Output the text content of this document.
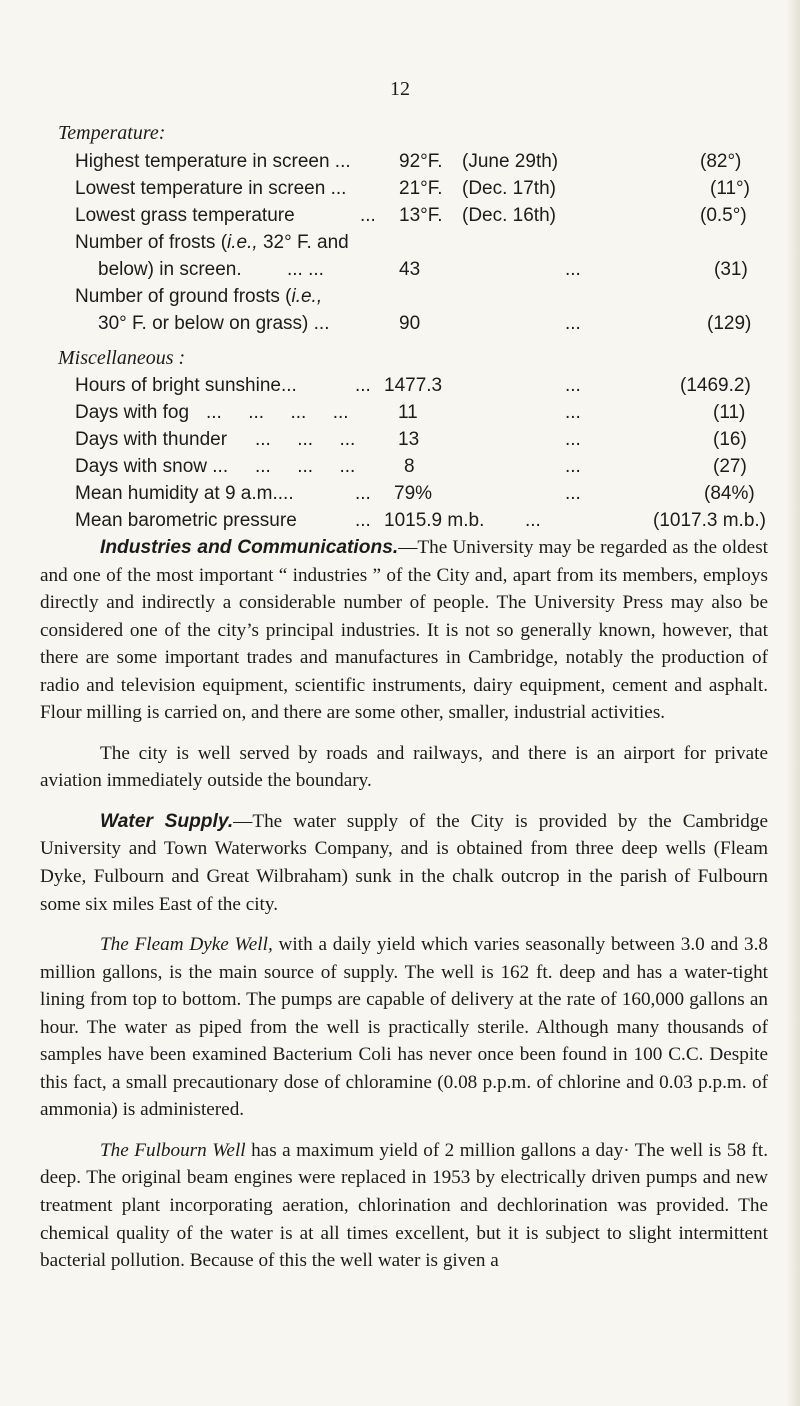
12
Temperature:
Highest temperature in screen ...	92°F. (June 29th)	(82°)
Lowest temperature in screen ...	21°F. (Dec. 17th)	(11°)
Lowest grass temperature	... 13°F. (Dec. 16th)	(0.5°)
Number of frosts (i.e., 32° F. and
below) in screen. ... ...	43	...	(31)
Number of ground frosts (i.e.,
30° F. or below on grass) ...	90	...	(129)
Miscellaneous :
Hours of bright sunshine...	... 1477.3	...	(1469.2)
Days with fog ...     ...     ...     ...	11	...	(11)
Days with thunder ...     ...     ... 13	...	(16)
Days with snow ... ...     ...     ...	8	...	(27)
Mean humidity at 9 a.m....	... 79%	...	(84%)
Mean barometric pressure	... 1015.9 m.b. ...	(1017.3 m.b.)

Industries and Communications.—The University may be regarded as the oldest and one of the most important “ industries ” of the City and, apart from its members, employs directly and indirectly a considerable number of people. The University Press may also be considered one of the city’s principal industries. It is not so generally known, however, that there are some important trades and manufactures in Cambridge, notably the production of radio and television equipment, scientific instruments, dairy equipment, cement and asphalt. Flour milling is carried on, and there are some other, smaller, industrial activities.

The city is well served by roads and railways, and there is an airport for private aviation immediately outside the boundary.

Water Supply.—The water supply of the City is provided by the Cambridge University and Town Waterworks Company, and is obtained from three deep wells (Fleam Dyke, Fulbourn and Great Wilbraham) sunk in the chalk outcrop in the parish of Fulbourn some six miles East of the city.

The Fleam Dyke Well, with a daily yield which varies seasonally between 3.0 and 3.8 million gallons, is the main source of supply. The well is 162 ft. deep and has a water-tight lining from top to bottom. The pumps are capable of delivery at the rate of 160,000 gallons an hour. The water as piped from the well is practically sterile. Although many thousands of samples have been examined Bacterium Coli has never once been found in 100 C.C. Despite this fact, a small precautionary dose of chloramine (0.08 p.p.m. of chlorine and 0.03 p.p.m. of ammonia) is administered.

The Fulbourn Well has a maximum yield of 2 million gallons a day· The well is 58 ft. deep. The original beam engines were replaced in 1953 by electrically driven pumps and new treatment plant incorporating aeration, chlorination and dechlorination was provided. The chemical quality of the water is at all times excellent, but it is subject to slight intermittent bacterial pollution. Because of this the well water is given a
